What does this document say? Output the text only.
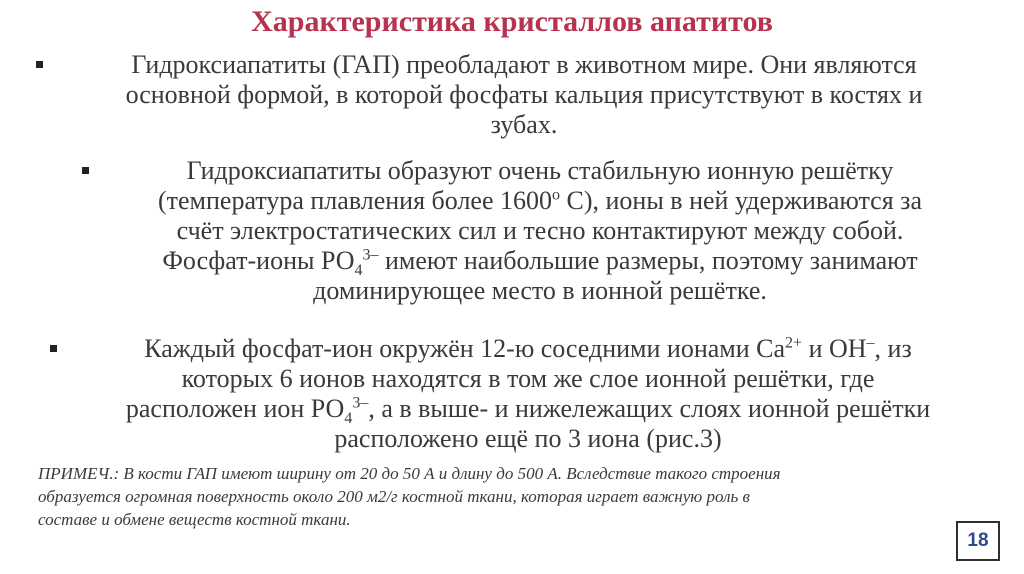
Характеристика кристаллов апатитов
Гидроксиапатиты (ГАП) преобладают в животном мире. Они являются
основной формой, в которой фосфаты кальция присутствуют в костях и
зубах.
Гидроксиапатиты образуют очень стабильную ионную решётку
(температура плавления более $1600^о$ С), ионы в ней удерживаются за
счёт электростатических сил и тесно контактируют между собой.
Фосфат-ионы $РО_4^{3-}$ имеют наибольшие размеры, поэтому занимают
доминирующее место в ионной решётке.
Каждый фосфат-ион окружён 12-ю соседними ионами $Са^{2+}$ и ОН–, из
которых 6 ионов находятся в том же слое ионной решётки, где
расположен ион $РО_4^{3-}$, а в выше- и нижележащих слоях ионной решётки
расположено ещё по 3 иона (рис.3)
ПРИМЕЧ.: В кости ГАП имеют ширину от 20 до 50 А и длину до 500 А. Вследствие такого строения
образуется огромная поверхность около 200 м2/г костной ткани, которая играет важную роль в
составе и обмене веществ костной ткани.
18
